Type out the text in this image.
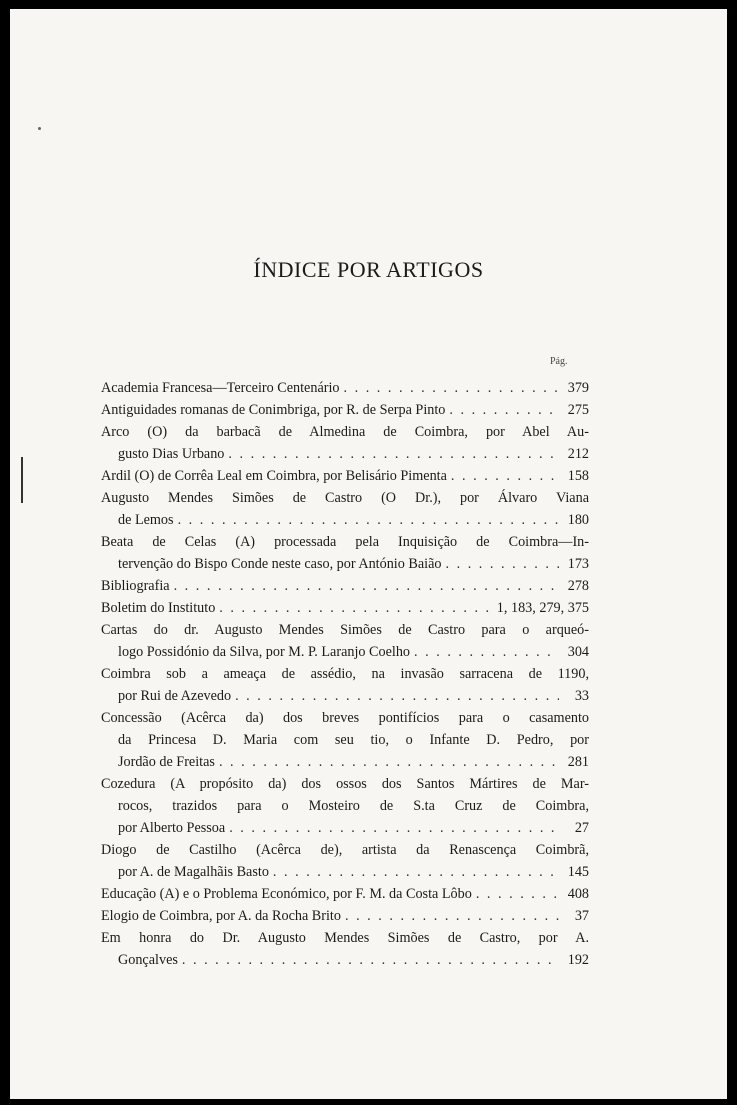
ÍNDICE POR ARTIGOS
Pág.
Academia Francesa—Terceiro Centenário . . .	379
Antiguidades romanas de Conimbriga, por R. de Serpa Pinto . . .	275
Arco (O) da barbacã de Almedina de Coimbra, por Abel Au-
gusto Dias Urbano . . .	212
Ardil (O) de Corrêa Leal em Coimbra, por Belisário Pimenta . . .	158
Augusto Mendes Simões de Castro (O Dr.), por Álvaro Viana
de Lemos . . .	180
Beata de Celas (A) processada pela Inquisição de Coimbra—In-
tervenção do Bispo Conde neste caso, por António Baião . . .	173
Bibliografia . . .	278
Boletim do Instituto . . .	1, 183, 279, 375
Cartas do dr. Augusto Mendes Simões de Castro para o arqueó-
logo Possidónio da Silva, por M. P. Laranjo Coelho . . .	304
Coimbra sob a ameaça de assédio, na invasão sarracena de 1190,
por Rui de Azevedo . . .	33
Concessão (Acêrca da) dos breves pontifícios para o casamento
da Princesa D. Maria com seu tio, o Infante D. Pedro, por
Jordão de Freitas . . .	281
Cozedura (A propósito da) dos ossos dos Santos Mártires de Mar-
rocos, trazidos para o Mosteiro de S.ta Cruz de Coimbra,
por Alberto Pessoa . . .	27
Diogo de Castilho (Acêrca de), artista da Renascença Coimbrã,
por A. de Magalhãis Basto . . .	145
Educação (A) e o Problema Económico, por F. M. da Costa Lôbo . . .	408
Elogio de Coimbra, por A. da Rocha Brito . . .	37
Em honra do Dr. Augusto Mendes Simões de Castro, por A.
Gonçalves . . .	192
